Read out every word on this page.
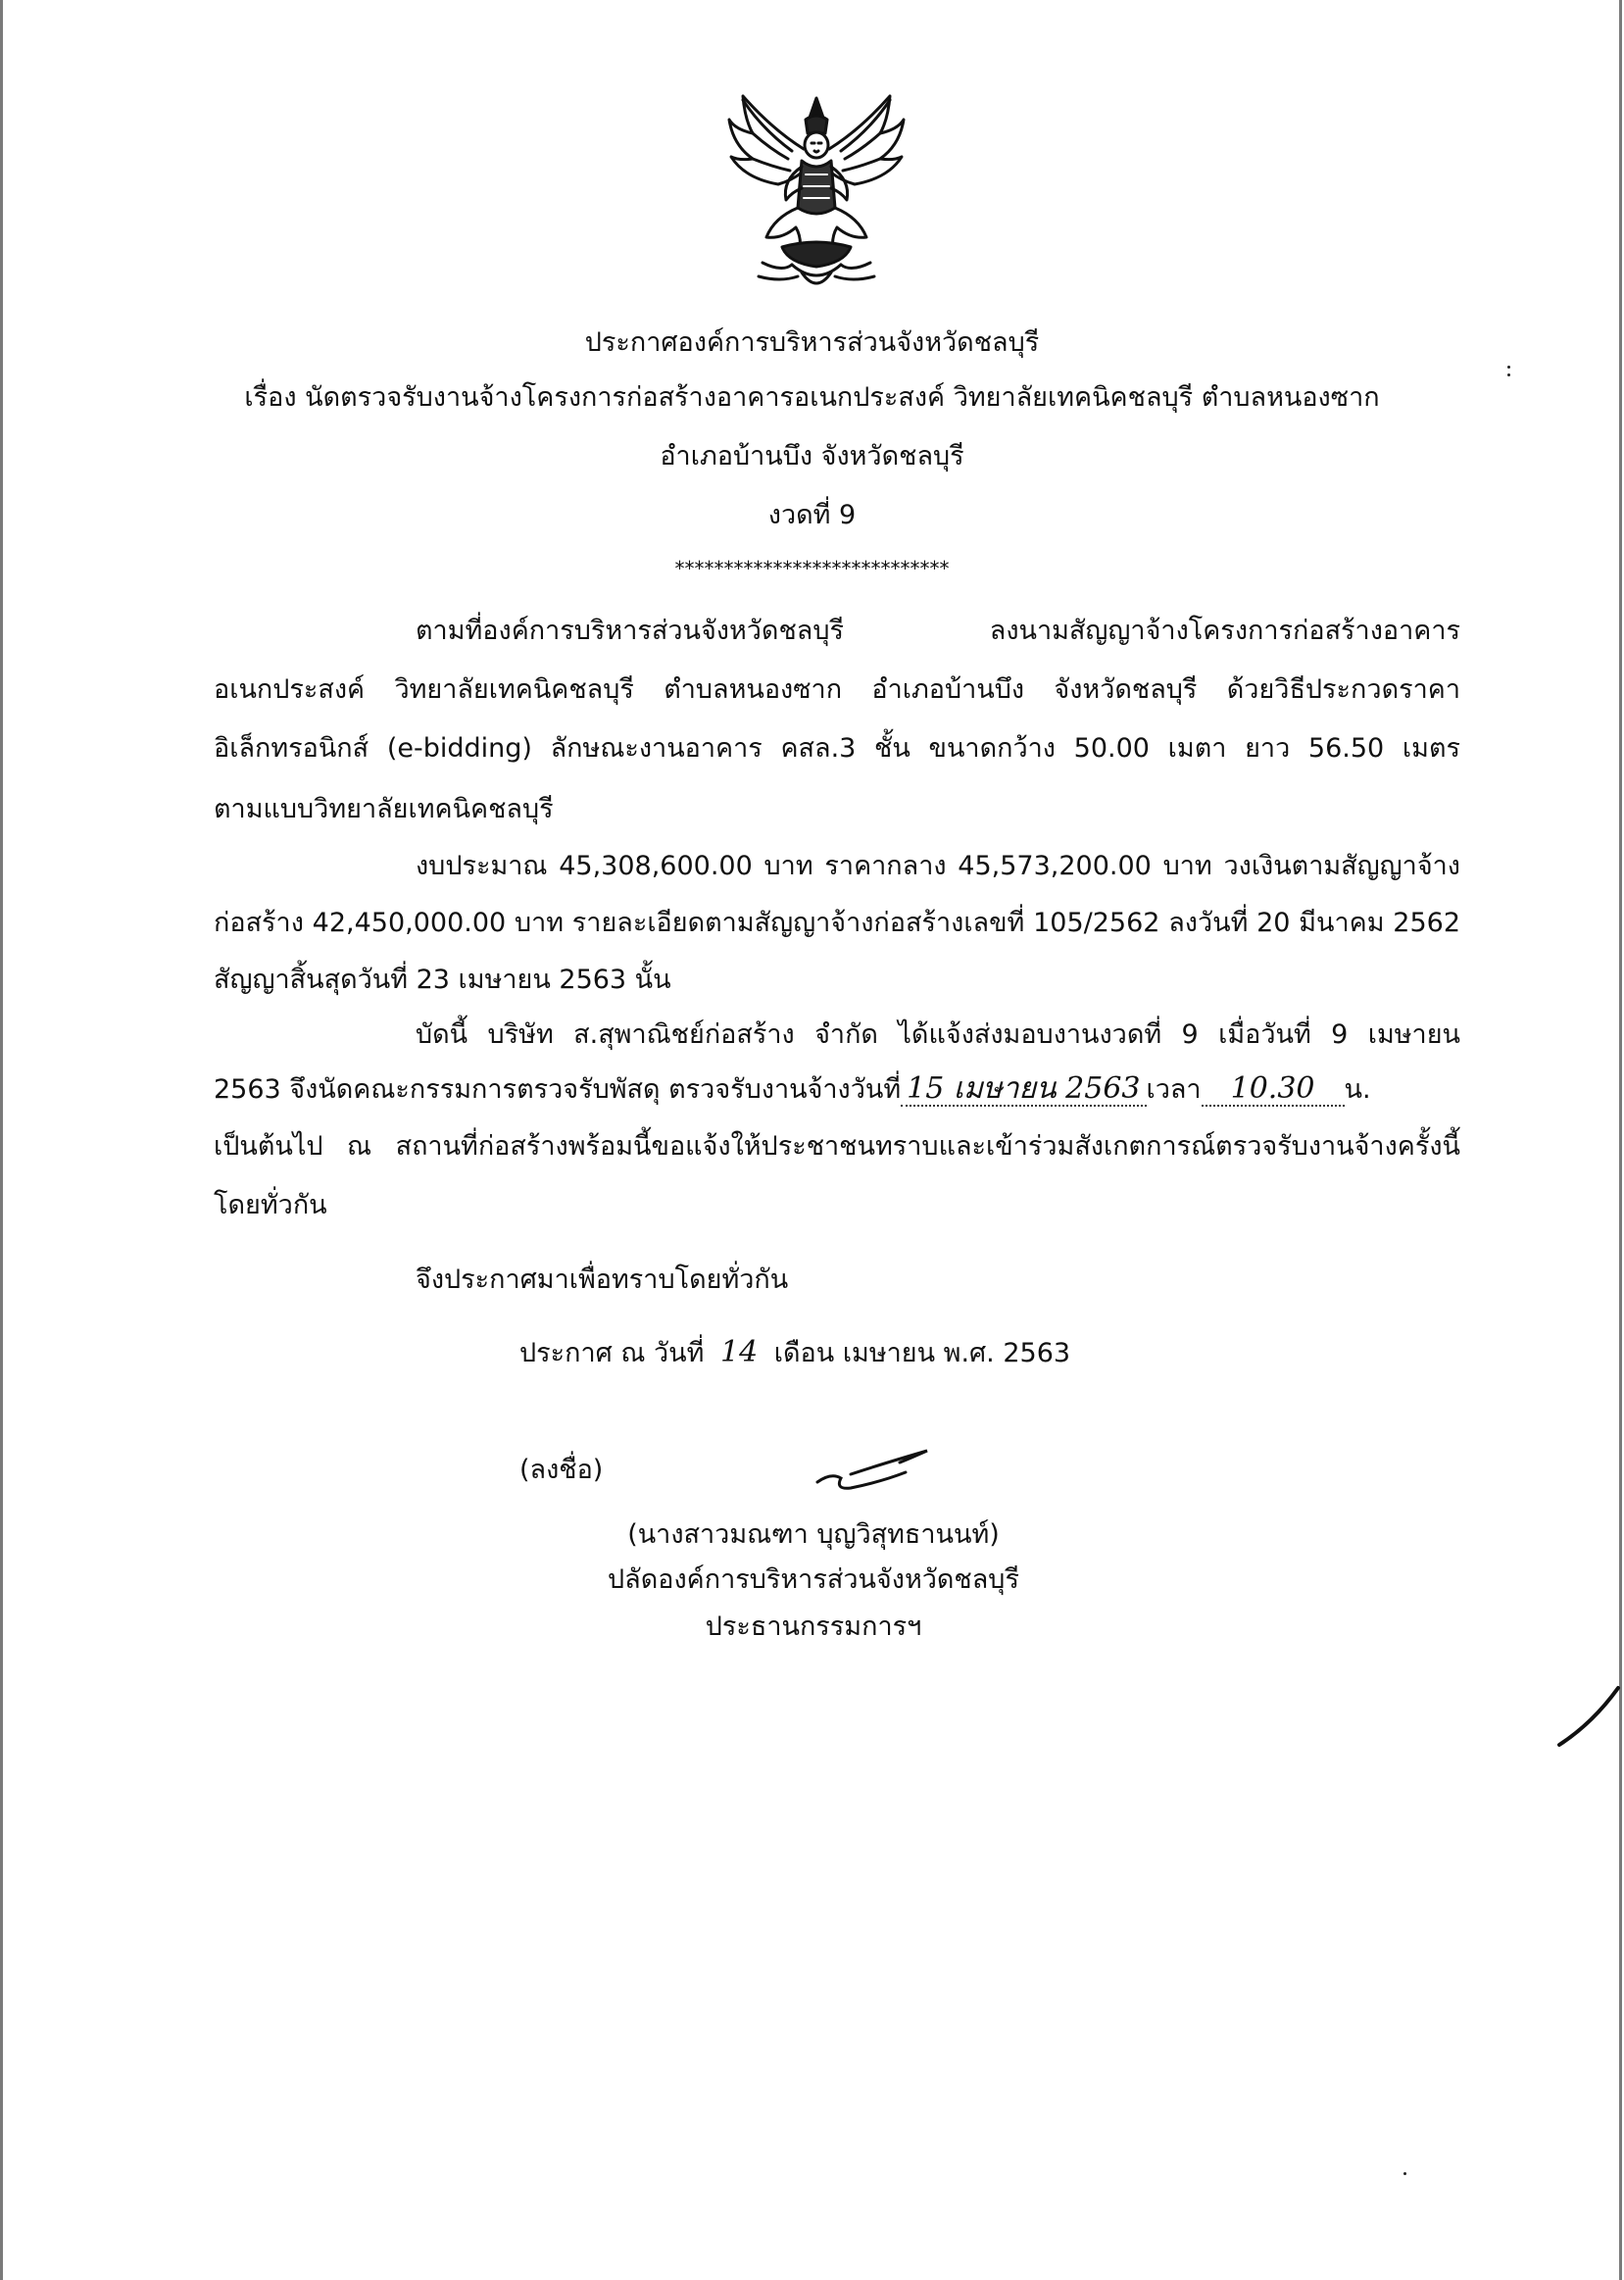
ประกาศองค์การบริหารส่วนจังหวัดชลบุรี
เรื่อง นัดตรวจรับงานจ้างโครงการก่อสร้างอาคารอเนกประสงค์ วิทยาลัยเทคนิคชลบุรี ตำบลหนองซาก
อำเภอบ้านบึง จังหวัดชลบุรี
งวดที่ 9
****************************
ตามที่องค์การบริหารส่วนจังหวัดชลบุรี ลงนามสัญญาจ้างโครงการก่อสร้างอาคาร
อเนกประสงค์ วิทยาลัยเทคนิคชลบุรี ตำบลหนองซาก อำเภอบ้านบึง จังหวัดชลบุรี ด้วยวิธีประกวดราคา
อิเล็กทรอนิกส์ (e-bidding) ลักษณะงานอาคาร คสล.3 ชั้น ขนาดกว้าง 50.00 เมตา ยาว 56.50 เมตร
ตามแบบวิทยาลัยเทคนิคชลบุรี
งบประมาณ 45,308,600.00 บาท ราคากลาง 45,573,200.00 บาท วงเงินตามสัญญาจ้าง
ก่อสร้าง 42,450,000.00 บาท รายละเอียดตามสัญญาจ้างก่อสร้างเลขที่ 105/2562 ลงวันที่ 20 มีนาคม 2562
สัญญาสิ้นสุดวันที่ 23 เมษายน 2563 นั้น
บัดนี้ บริษัท ส.สุพาณิชย์ก่อสร้าง จำกัด ได้แจ้งส่งมอบงานงวดที่ 9 เมื่อวันที่ 9 เมษายน
2563 จึงนัดคณะกรรมการตรวจรับพัสดุ ตรวจรับงานจ้างวันที่ 15 เมษายน 2563 เวลา 10.30 น.
เป็นต้นไป ณ สถานที่ก่อสร้างพร้อมนี้ขอแจ้งให้ประชาชนทราบและเข้าร่วมสังเกตการณ์ตรวจรับงานจ้างครั้งนี้
โดยทั่วกัน
จึงประกาศมาเพื่อทราบโดยทั่วกัน
ประกาศ ณ วันที่ 14 เดือน เมษายน พ.ศ. 2563
(ลงชื่อ)
(นางสาวมณฑา บุญวิสุทธานนท์)
ปลัดองค์การบริหารส่วนจังหวัดชลบุรี
ประธานกรรมการฯ
